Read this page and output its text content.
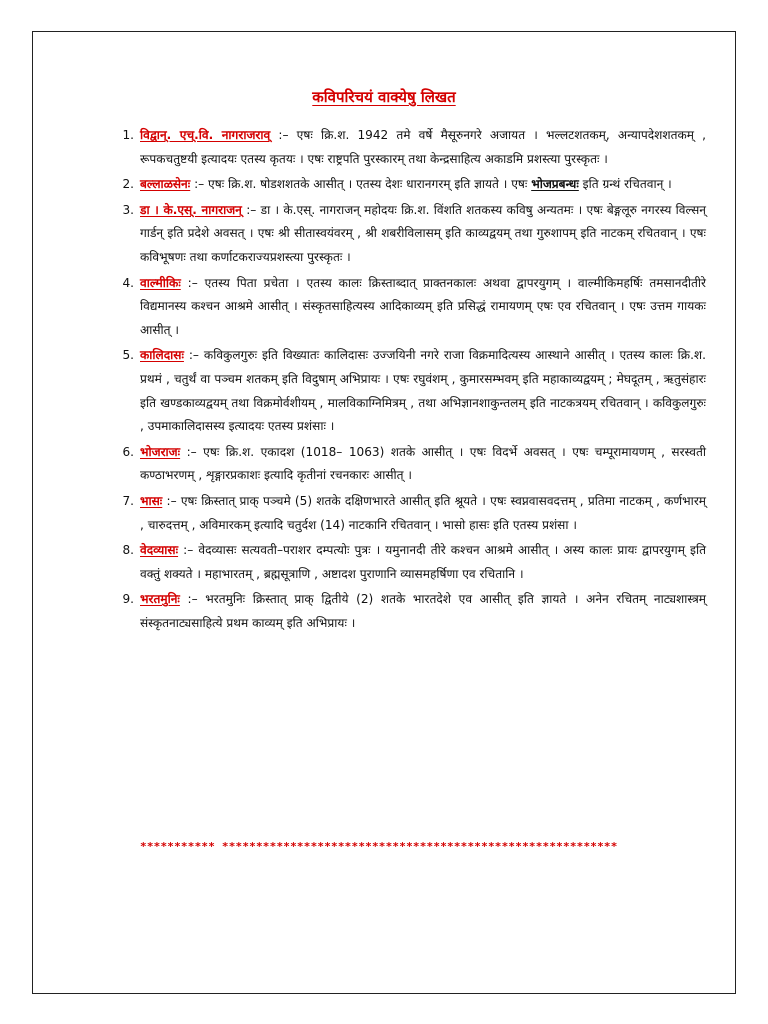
कविपरिचयं वाक्येषु लिखत
1. विद्वान्. एच्.वि. नागराजराव् :– एषः क्रि.श. 1942 तमे वर्षे मैसूरुनगरे अजायत । भल्लटशतकम्, अन्यापदेशशतकम् , रूपकचतुष्टयी इत्यादयः एतस्य कृतयः । एषः राष्ट्रपति पुरस्कारम् तथा केन्द्रसाहित्य अकाडमि प्रशस्त्या पुरस्कृतः ।
2. बल्लाळसेनः :– एषः क्रि.श. षोडशशतके आसीत् । एतस्य देशः धारानगरम् इति ज्ञायते । एषः भोजप्रबन्धः इति ग्रन्थं रचितवान् ।
3. डा । के.एस्. नागराजन् :– डा । के.एस्. नागराजन् महोदयः क्रि.श. विंशति शतकस्य कविषु अन्यतमः । एषः बेङ्गलूरु नगरस्य विल्सन् गार्डन् इति प्रदेशे अवसत् । एषः श्री सीतास्वयंवरम् , श्री शबरीविलासम् इति काव्यद्वयम् तथा गुरुशापम् इति नाटकम् रचितवान् । एषः कविभूषणः तथा कर्णाटकराज्यप्रशस्त्या पुरस्कृतः ।
4. वाल्मीकिः :– एतस्य पिता प्रचेता । एतस्य कालः क्रिस्ताब्दात् प्राक्तनकालः अथवा द्वापरयुगम् । वाल्मीकिमहर्षिः तमसानदीतीरे विद्यमानस्य कश्चन आश्रमे आसीत् । संस्कृतसाहित्यस्य आदिकाव्यम् इति प्रसिद्धं रामायणम् एषः एव रचितवान् । एषः उत्तम गायकः आसीत् ।
5. कालिदासः :– कविकुलगुरुः इति विख्यातः कालिदासः उज्जयिनी नगरे राजा विक्रमादित्यस्य आस्थाने आसीत् । एतस्य कालः क्रि.श. प्रथमं , चतुर्थं वा पञ्चम शतकम् इति विदुषाम् अभिप्रायः । एषः रघुवंशम् , कुमारसम्भवम् इति महाकाव्यद्वयम् ; मेघदूतम् , ऋतुसंहारः इति खण्डकाव्यद्वयम् तथा विक्रमोर्वशीयम् , मालविकाग्निमित्रम् , तथा अभिज्ञानशाकुन्तलम् इति नाटकत्रयम् रचितवान् । कविकुलगुरुः , उपमाकालिदासस्य इत्यादयः एतस्य प्रशंसाः ।
6. भोजराजः :– एषः क्रि.श. एकादश (1018– 1063) शतके आसीत् । एषः विदर्भे अवसत् । एषः चम्पूरामायणम् , सरस्वती कण्ठाभरणम् , शृङ्गारप्रकाशः इत्यादि कृतीनां रचनकारः आसीत् ।
7. भासः :– एषः क्रिस्तात् प्राक् पञ्चमे (5) शतके दक्षिणभारते आसीत् इति श्रूयते । एषः स्वप्नवासवदत्तम् , प्रतिमा नाटकम् , कर्णभारम् , चारुदत्तम् , अविमारकम् इत्यादि चतुर्दश (14) नाटकानि रचितवान् । भासो हासः इति एतस्य प्रशंसा ।
8. वेदव्यासः :– वेदव्यासः सत्यवती–पराशर दम्पत्योः पुत्रः । यमुनानदी तीरे कश्चन आश्रमे आसीत् । अस्य कालः प्रायः द्वापरयुगम् इति वक्तुं शक्यते । महाभारतम् , ब्रह्मसूत्राणि , अष्टादश पुराणानि व्यासमहर्षिणा एव रचितानि ।
9. भरतमुनिः :– भरतमुनिः क्रिस्तात् प्राक् द्वितीये (2) शतके भारतदेशे एव आसीत् इति ज्ञायते । अनेन रचितम् नाट्यशास्त्रम् संस्कृतनाट्यसाहित्ये प्रथम काव्यम् इति अभिप्रायः ।
*********** **********************************************************
